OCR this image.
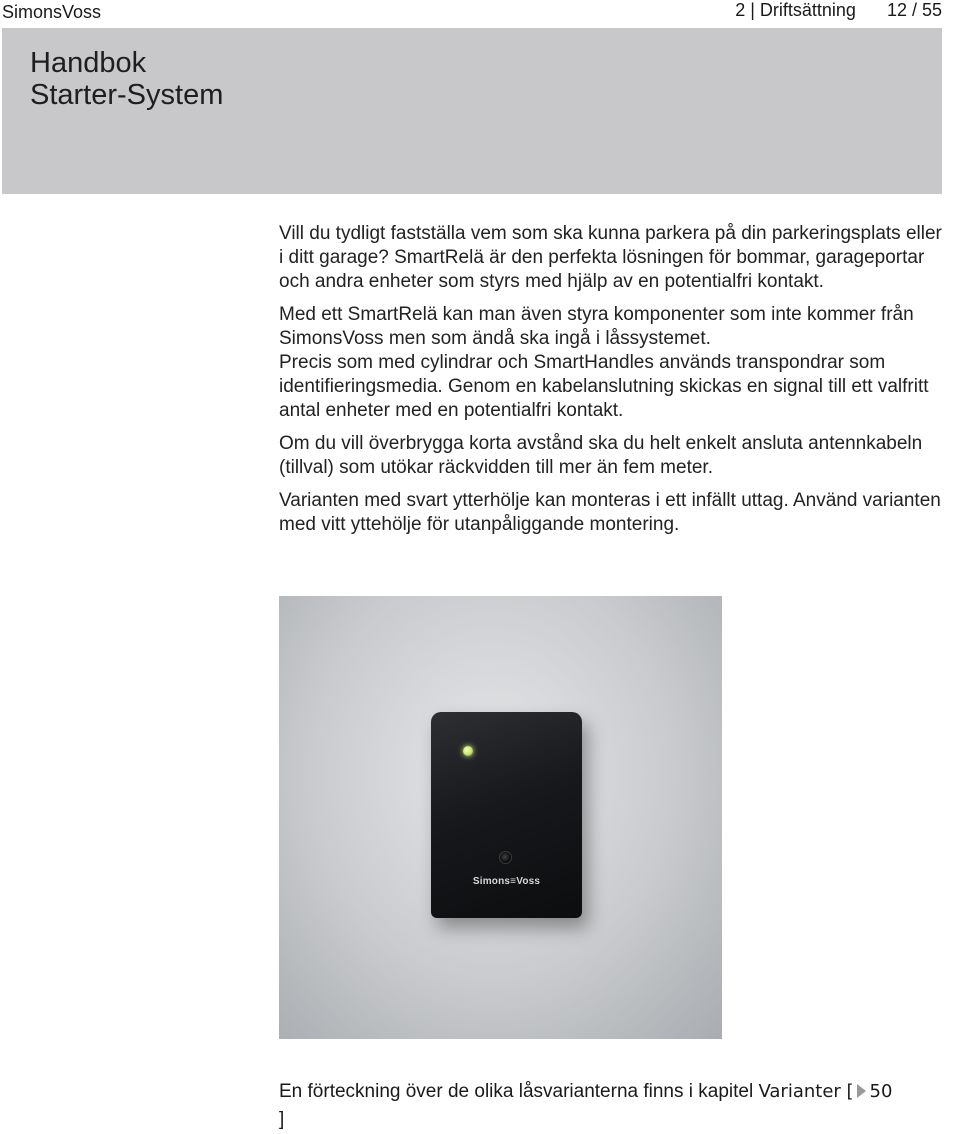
SimonsVoss	2 | Driftsättning 12 / 55
Handbok
Starter-System

Vill du tydligt fastställa vem som ska kunna parkera på din parkeringsplats eller i ditt garage? SmartRelä är den perfekta lösningen för bommar, garageportar och andra enheter som styrs med hjälp av en potentialfri kontakt.

Med ett SmartRelä kan man även styra komponenter som inte kommer från SimonsVoss men som ändå ska ingå i låssystemet.

Precis som med cylindrar och SmartHandles används transpondrar som identifieringsmedia. Genom en kabelanslutning skickas en signal till ett valfritt antal enheter med en potentialfri kontakt.

Om du vill överbrygga korta avstånd ska du helt enkelt ansluta antennkabeln (tillval) som utökar räckvidden till mer än fem meter.

Varianten med svart ytterhölje kan monteras i ett infällt uttag. Använd varianten med vitt yttehölje för utanpåliggande montering.

Simons≡Voss
En förteckning över de olika låsvarianterna finns i kapitel Varianter [ 50
]
